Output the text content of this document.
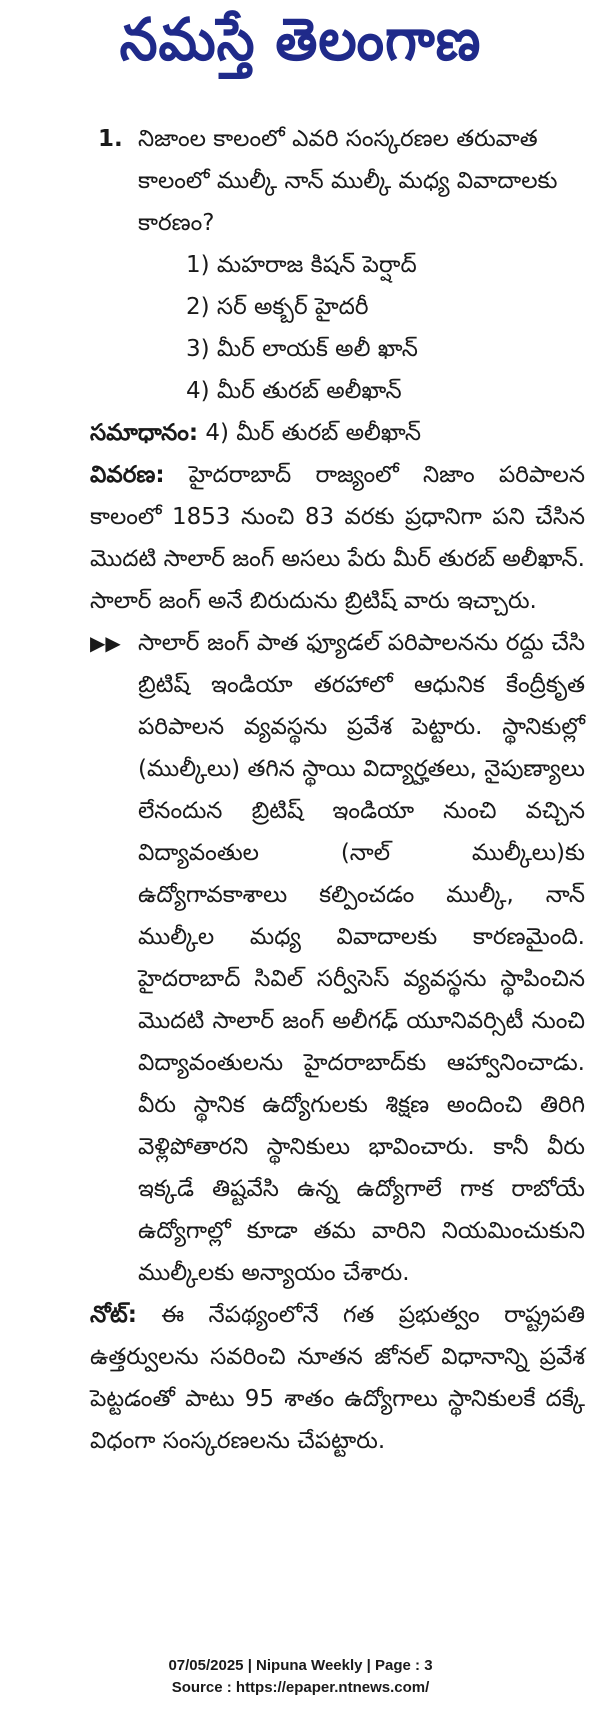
నమస్తే తెలంగాణ
1. నిజాంల కాలంలో ఎవరి సంస్కరణల తరువాత కాలంలో ముల్కీ నాన్ ముల్కీ మధ్య వివాదాలకు కారణం?
1) మహరాజ కిషన్ పెర్షాద్
2) సర్ అక్బర్ హైదరీ
3) మీర్ లాయక్ అలీ ఖాన్
4) మీర్ తురబ్ అలీఖాన్
సమాధానం: 4) మీర్ తురబ్ అలీఖాన్
వివరణ: హైదరాబాద్ రాజ్యంలో నిజాం పరిపాలన కాలంలో 1853 నుంచి 83 వరకు ప్రధానిగా పని చేసిన మొదటి సాలార్ జంగ్ అసలు పేరు మీర్ తురబ్ అలీఖాన్. సాలార్ జంగ్ అనే బిరుదును బ్రిటిష్ వారు ఇచ్చారు.
▶▶ సాలార్ జంగ్ పాత ఫ్యూడల్ పరిపాలనను రద్దు చేసి బ్రిటిష్ ఇండియా తరహాలో ఆధునిక కేంద్రీకృత పరిపాలన వ్యవస్థను ప్రవేశ పెట్టారు. స్థానికుల్లో (ముల్కీలు) తగిన స్థాయి విద్యార్హతలు, నైపుణ్యాలు లేనందున బ్రిటిష్ ఇండియా నుంచి వచ్చిన విద్యావంతుల (నాల్ ముల్కీలు)కు ఉద్యోగావకాశాలు కల్పించడం ముల్కీ, నాన్ ముల్కీల మధ్య వివాదాలకు కారణమైంది. హైదరాబాద్ సివిల్ సర్వీసెస్ వ్యవస్థను స్థాపించిన మొదటి సాలార్ జంగ్ అలీగఢ్ యూనివర్సిటీ నుంచి విద్యావంతులను హైదరాబాద్‌కు ఆహ్వానించాడు. వీరు స్థానిక ఉద్యోగులకు శిక్షణ అందించి తిరిగి వెళ్లిపోతారని స్థానికులు భావించారు. కానీ వీరు ఇక్కడే తిష్టవేసి ఉన్న ఉద్యోగాలే గాక రాబోయే ఉద్యోగాల్లో కూడా తమ వారిని నియమించుకుని ముల్కీలకు అన్యాయం చేశారు.
నోట్: ఈ నేపథ్యంలోనే గత ప్రభుత్వం రాష్ట్రపతి ఉత్తర్వులను సవరించి నూతన జోనల్ విధానాన్ని ప్రవేశ పెట్టడంతో పాటు 95 శాతం ఉద్యోగాలు స్థానికులకే దక్కే విధంగా సంస్కరణలను చేపట్టారు.
07/05/2025 | Nipuna Weekly | Page : 3
Source : https://epaper.ntnews.com/
